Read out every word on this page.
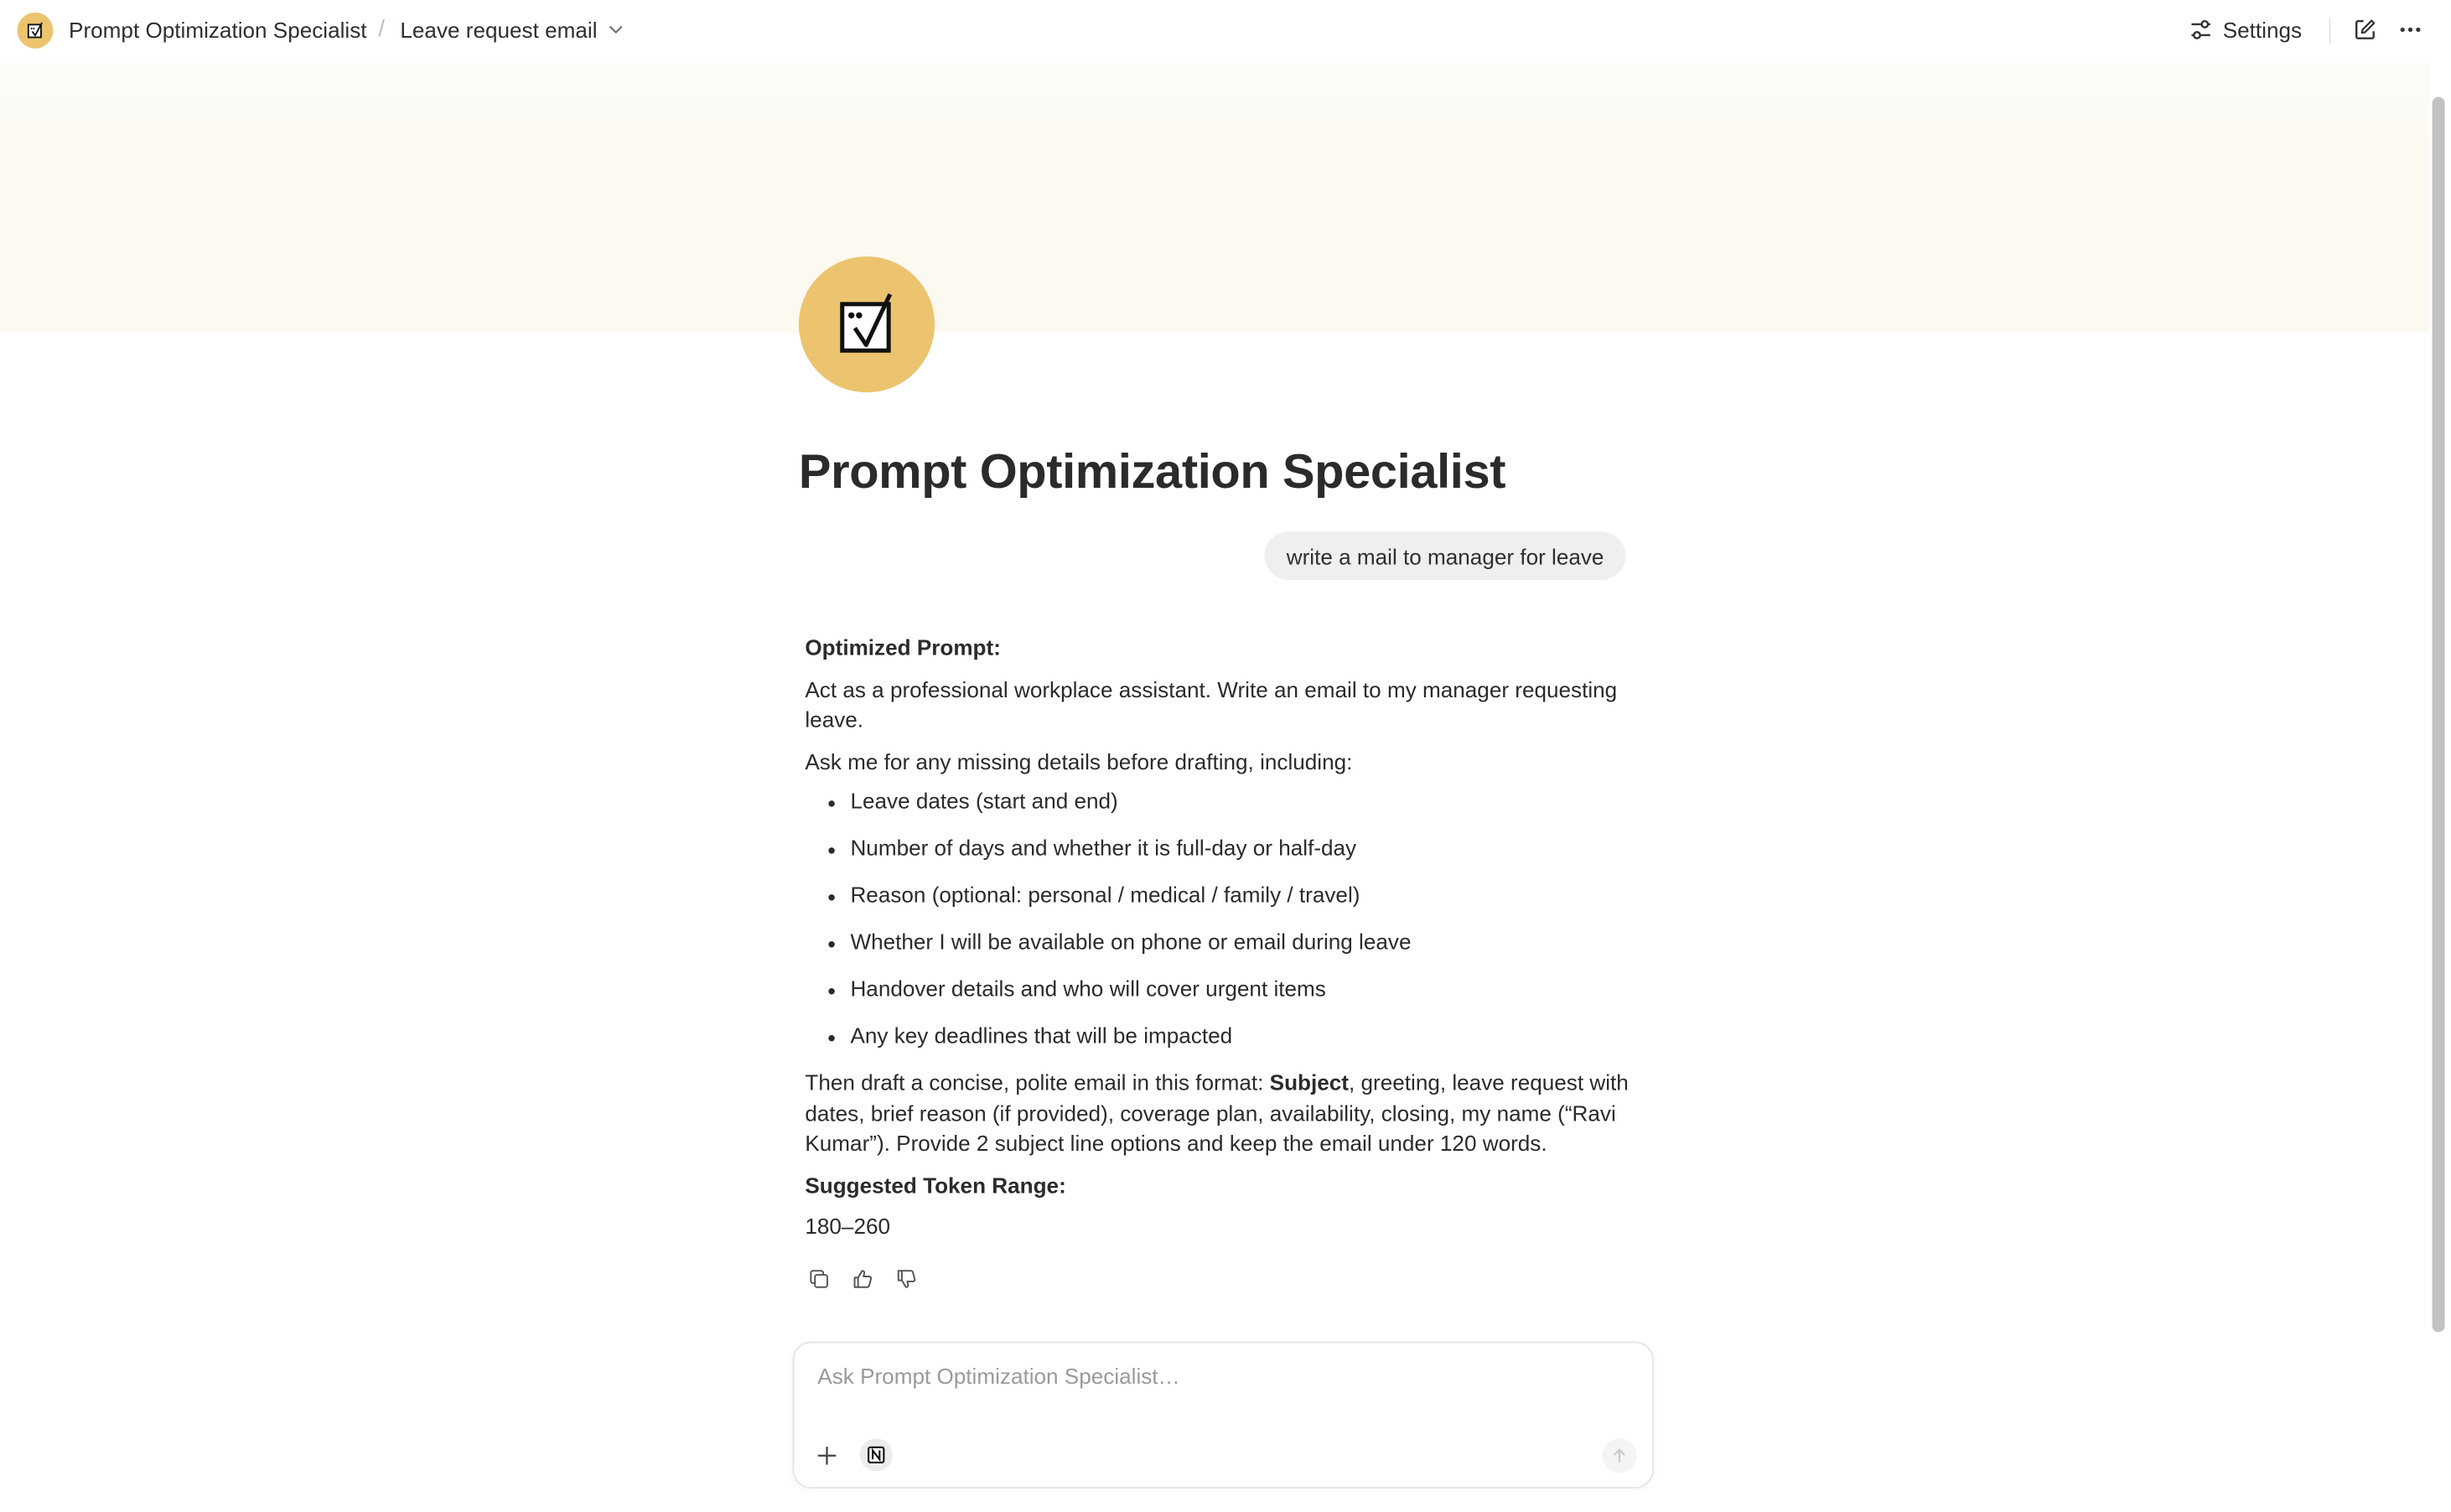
Prompt Optimization Specialist / Leave request email	Settings
Prompt Optimization Specialist
write a mail to manager for leave

Optimized Prompt:

Act as a professional workplace assistant. Write an email to my manager requesting leave.

Ask me for any missing details before drafting, including:

• Leave dates (start and end)
• Number of days and whether it is full-day or half-day
• Reason (optional: personal / medical / family / travel)
• Whether I will be available on phone or email during leave
• Handover details and who will cover urgent items
• Any key deadlines that will be impacted

Then draft a concise, polite email in this format: Subject, greeting, leave request with dates, brief reason (if provided), coverage plan, availability, closing, my name (“Ravi Kumar”). Provide 2 subject line options and keep the email under 120 words.

Suggested Token Range:

180–260

Ask Prompt Optimization Specialist…
